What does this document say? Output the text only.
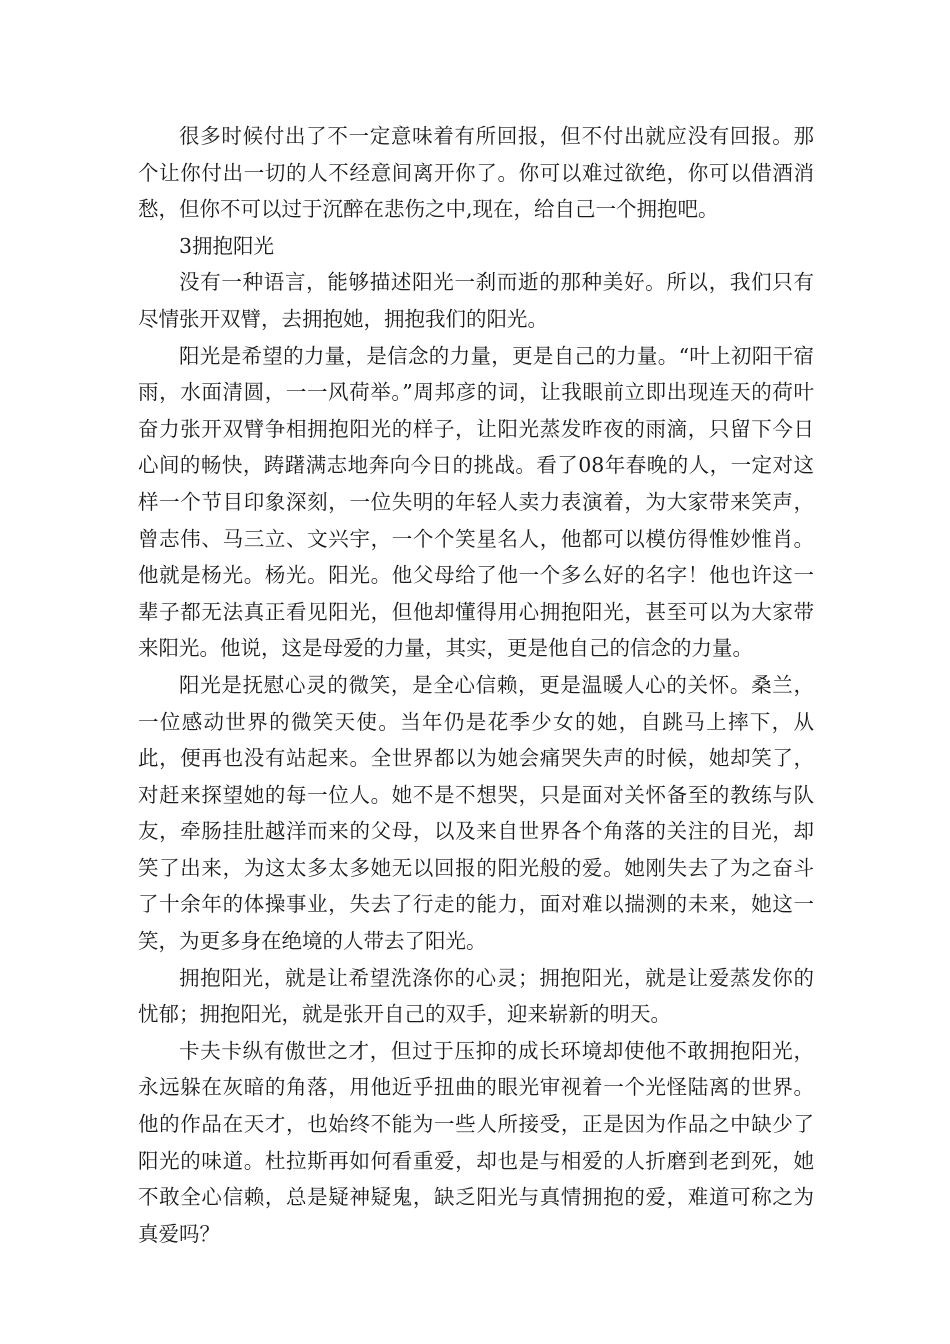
很多时候付出了不一定意味着有所回报，但不付出就应没有回报。那个让你付出一切的人不经意间离开你了。你可以难过欲绝，你可以借酒消愁，但你不可以过于沉醉在悲伤之中,现在，给自己一个拥抱吧。

3拥抱阳光

没有一种语言，能够描述阳光一刹而逝的那种美好。所以，我们只有尽情张开双臂，去拥抱她，拥抱我们的阳光。

阳光是希望的力量，是信念的力量，更是自己的力量。“叶上初阳干宿雨，水面清圆，一一风荷举。”周邦彦的词，让我眼前立即出现连天的荷叶奋力张开双臂争相拥抱阳光的样子，让阳光蒸发昨夜的雨滴，只留下今日心间的畅快，踌躇满志地奔向今日的挑战。看了08年春晚的人，一定对这样一个节目印象深刻，一位失明的年轻人卖力表演着，为大家带来笑声，曾志伟、马三立、文兴宇，一个个笑星名人，他都可以模仿得惟妙惟肖。他就是杨光。杨光。阳光。他父母给了他一个多么好的名字！他也许这一辈子都无法真正看见阳光，但他却懂得用心拥抱阳光，甚至可以为大家带来阳光。他说，这是母爱的力量，其实，更是他自己的信念的力量。

阳光是抚慰心灵的微笑，是全心信赖，更是温暖人心的关怀。桑兰，一位感动世界的微笑天使。当年仍是花季少女的她，自跳马上摔下，从此，便再也没有站起来。全世界都以为她会痛哭失声的时候，她却笑了，对赶来探望她的每一位人。她不是不想哭，只是面对关怀备至的教练与队友，牵肠挂肚越洋而来的父母，以及来自世界各个角落的关注的目光，却笑了出来，为这太多太多她无以回报的阳光般的爱。她刚失去了为之奋斗了十余年的体操事业，失去了行走的能力，面对难以揣测的未来，她这一笑，为更多身在绝境的人带去了阳光。

拥抱阳光，就是让希望洗涤你的心灵；拥抱阳光，就是让爱蒸发你的忧郁；拥抱阳光，就是张开自己的双手，迎来崭新的明天。

卡夫卡纵有傲世之才，但过于压抑的成长环境却使他不敢拥抱阳光，永远躲在灰暗的角落，用他近乎扭曲的眼光审视着一个光怪陆离的世界。他的作品在天才，也始终不能为一些人所接受，正是因为作品之中缺少了阳光的味道。杜拉斯再如何看重爱，却也是与相爱的人折磨到老到死，她不敢全心信赖，总是疑神疑鬼，缺乏阳光与真情拥抱的爱，难道可称之为真爱吗？
